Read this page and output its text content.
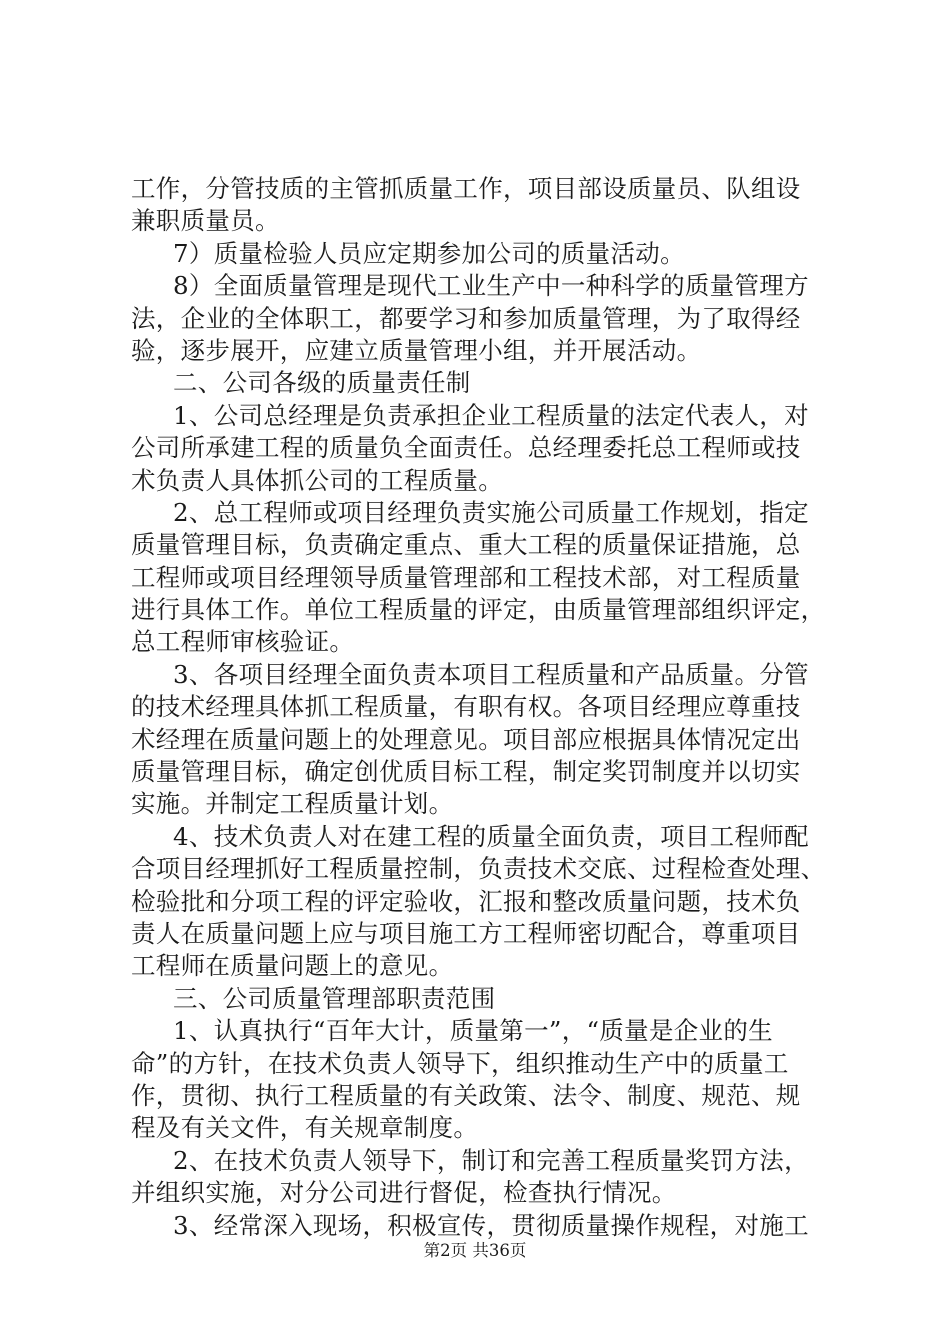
工作，分管技质的主管抓质量工作，项目部设质量员、队组设
兼职质量员。
7）质量检验人员应定期参加公司的质量活动。
8）全面质量管理是现代工业生产中一种科学的质量管理方
法，企业的全体职工，都要学习和参加质量管理，为了取得经
验，逐步展开，应建立质量管理小组，并开展活动。
二、公司各级的质量责任制
1、公司总经理是负责承担企业工程质量的法定代表人，对
公司所承建工程的质量负全面责任。总经理委托总工程师或技
术负责人具体抓公司的工程质量。
2、总工程师或项目经理负责实施公司质量工作规划，指定
质量管理目标，负责确定重点、重大工程的质量保证措施，总
工程师或项目经理领导质量管理部和工程技术部，对工程质量
进行具体工作。单位工程质量的评定，由质量管理部组织评定，
总工程师审核验证。
3、各项目经理全面负责本项目工程质量和产品质量。分管
的技术经理具体抓工程质量，有职有权。各项目经理应尊重技
术经理在质量问题上的处理意见。项目部应根据具体情况定出
质量管理目标，确定创优质目标工程，制定奖罚制度并以切实
实施。并制定工程质量计划。
4、技术负责人对在建工程的质量全面负责，项目工程师配
合项目经理抓好工程质量控制，负责技术交底、过程检查处理、
检验批和分项工程的评定验收，汇报和整改质量问题，技术负
责人在质量问题上应与项目施工方工程师密切配合，尊重项目
工程师在质量问题上的意见。
三、公司质量管理部职责范围
1、认真执行“百年大计，质量第一”，“质量是企业的生
命”的方针，在技术负责人领导下，组织推动生产中的质量工
作，贯彻、执行工程质量的有关政策、法令、制度、规范、规
程及有关文件，有关规章制度。
2、在技术负责人领导下，制订和完善工程质量奖罚方法，
并组织实施，对分公司进行督促，检查执行情况。
3、经常深入现场，积极宣传，贯彻质量操作规程，对施工
第2页 共36页
